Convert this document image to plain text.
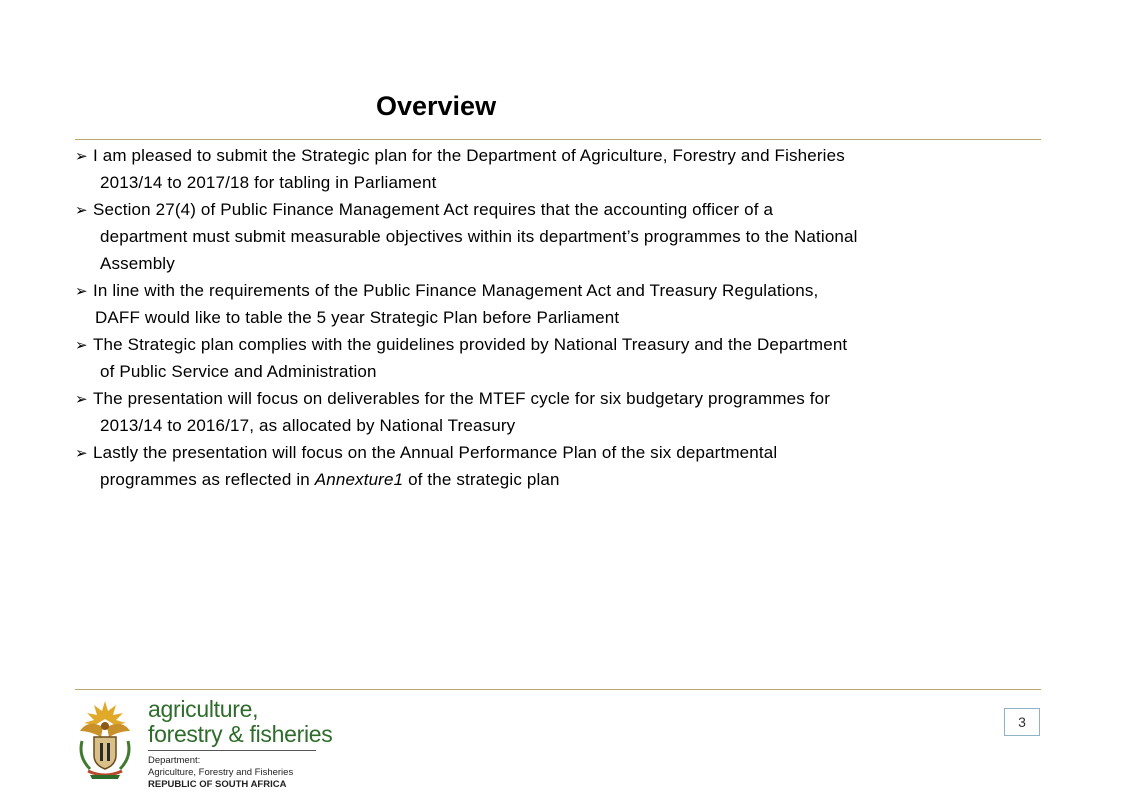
Overview
➢ I am pleased to submit the Strategic plan for the Department of Agriculture, Forestry and Fisheries
2013/14 to 2017/18 for tabling in Parliament
➢ Section 27(4) of Public Finance Management Act requires that the accounting officer of a
department must submit measurable objectives within its department’s programmes to the National
Assembly
➢ In line with the requirements of the Public Finance Management Act and Treasury Regulations,
DAFF would like to table the 5 year Strategic Plan before Parliament
➢ The Strategic plan complies with the guidelines provided by National Treasury and the Department
of Public Service and Administration
➢ The presentation will focus on deliverables for the MTEF cycle for six budgetary programmes for
2013/14 to 2016/17, as allocated by National Treasury
➢ Lastly the presentation will focus on the Annual Performance Plan of the six departmental
programmes as reflected in Annexture1 of the strategic plan
agriculture,
forestry & fisheries
Department:
Agriculture, Forestry and Fisheries
REPUBLIC OF SOUTH AFRICA
3
